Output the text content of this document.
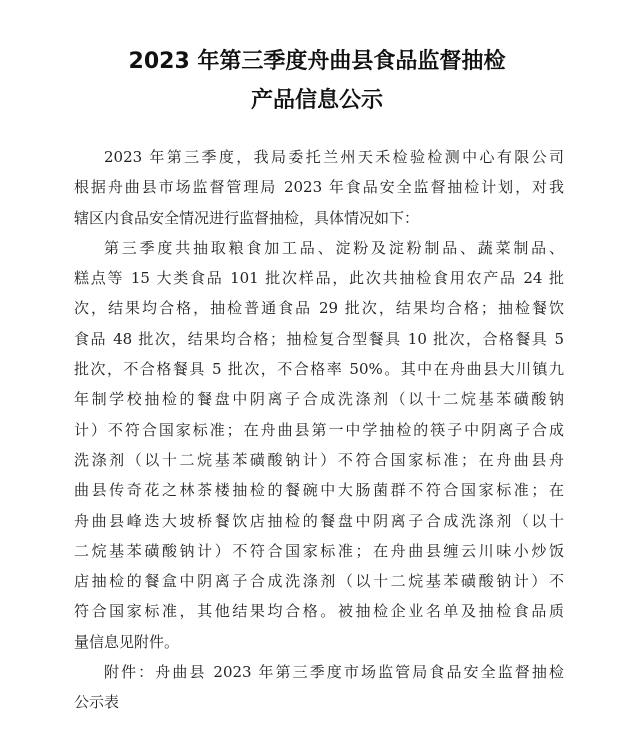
2023 年第三季度舟曲县食品监督抽检
产品信息公示
2023 年第三季度，我局委托兰州天禾检验检测中心有限公司
根据舟曲县市场监督管理局 2023 年食品安全监督抽检计划，对我
辖区内食品安全情况进行监督抽检，具体情况如下：
第三季度共抽取粮食加工品、淀粉及淀粉制品、蔬菜制品、
糕点等 15 大类食品 101 批次样品，此次共抽检食用农产品 24 批
次，结果均合格，抽检普通食品 29 批次，结果均合格；抽检餐饮
食品 48 批次，结果均合格；抽检复合型餐具 10 批次，合格餐具 5
批次，不合格餐具 5 批次，不合格率 50%。其中在舟曲县大川镇九
年制学校抽检的餐盘中阴离子合成洗涤剂（以十二烷基苯磺酸钠
计）不符合国家标准；在舟曲县第一中学抽检的筷子中阴离子合成
洗涤剂（以十二烷基苯磺酸钠计）不符合国家标准；在舟曲县舟
曲县传奇花之林茶楼抽检的餐碗中大肠菌群不符合国家标准；在
舟曲县峰迭大坡桥餐饮店抽检的餐盘中阴离子合成洗涤剂（以十
二烷基苯磺酸钠计）不符合国家标准；在舟曲县缠云川味小炒饭
店抽检的餐盒中阴离子合成洗涤剂（以十二烷基苯磺酸钠计）不
符合国家标准，其他结果均合格。被抽检企业名单及抽检食品质
量信息见附件。
附件：舟曲县 2023 年第三季度市场监管局食品安全监督抽检
公示表
